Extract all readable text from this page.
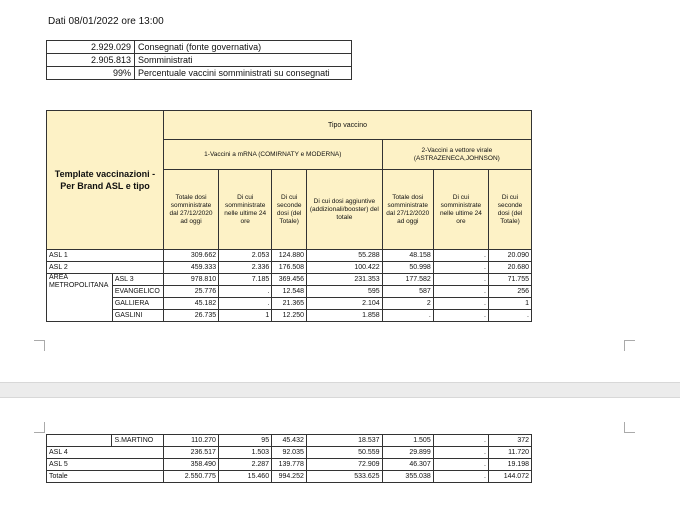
Dati 08/01/2022 ore 13:00
2.929.029	Consegnati (fonte governativa)
2.905.813	Somministrati
99%	Percentuale vaccini somministrati su consegnati
Template vaccinazioni - Per Brand ASL e tipo		Tipo vaccino						
		1-Vaccini a mRNA (COMIRNATY e MODERNA)				2-Vaccini a vettore virale (ASTRAZENECA,JOHNSON)		
		Totale dosi somministrate dal 27/12/2020 ad oggi	Di cui somministrate nelle ultime 24 ore	Di cui seconde dosi (del Totale)	Di cui dosi aggiuntive (addizionali/booster) del totale	Totale dosi somministrate dal 27/12/2020 ad oggi	Di cui somministrate nelle ultime 24 ore	Di cui seconde dosi (del Totale)
ASL 1		309.662	2.053	124.880	55.288	48.158	.	20.090
ASL 2		459.333	2.336	176.508	100.422	50.998	.	20.680
AREA METROPOLITANA	ASL 3	978.810	7.185	369.456	231.353	177.582	.	71.755
	EVANGELICO	25.776	.	12.548	595	587	.	256
	GALLIERA	45.182	.	21.365	2.104	2	.	1
	GASLINI	26.735	1	12.250	1.858	.	.	.
	S.MARTINO	110.270	95	45.432	18.537	1.505	.	372
ASL 4		236.517	1.503	92.035	50.559	29.899	.	11.720
ASL 5		358.490	2.287	139.778	72.909	46.307	.	19.198
Totale		2.550.775	15.460	994.252	533.625	355.038	.	144.072
